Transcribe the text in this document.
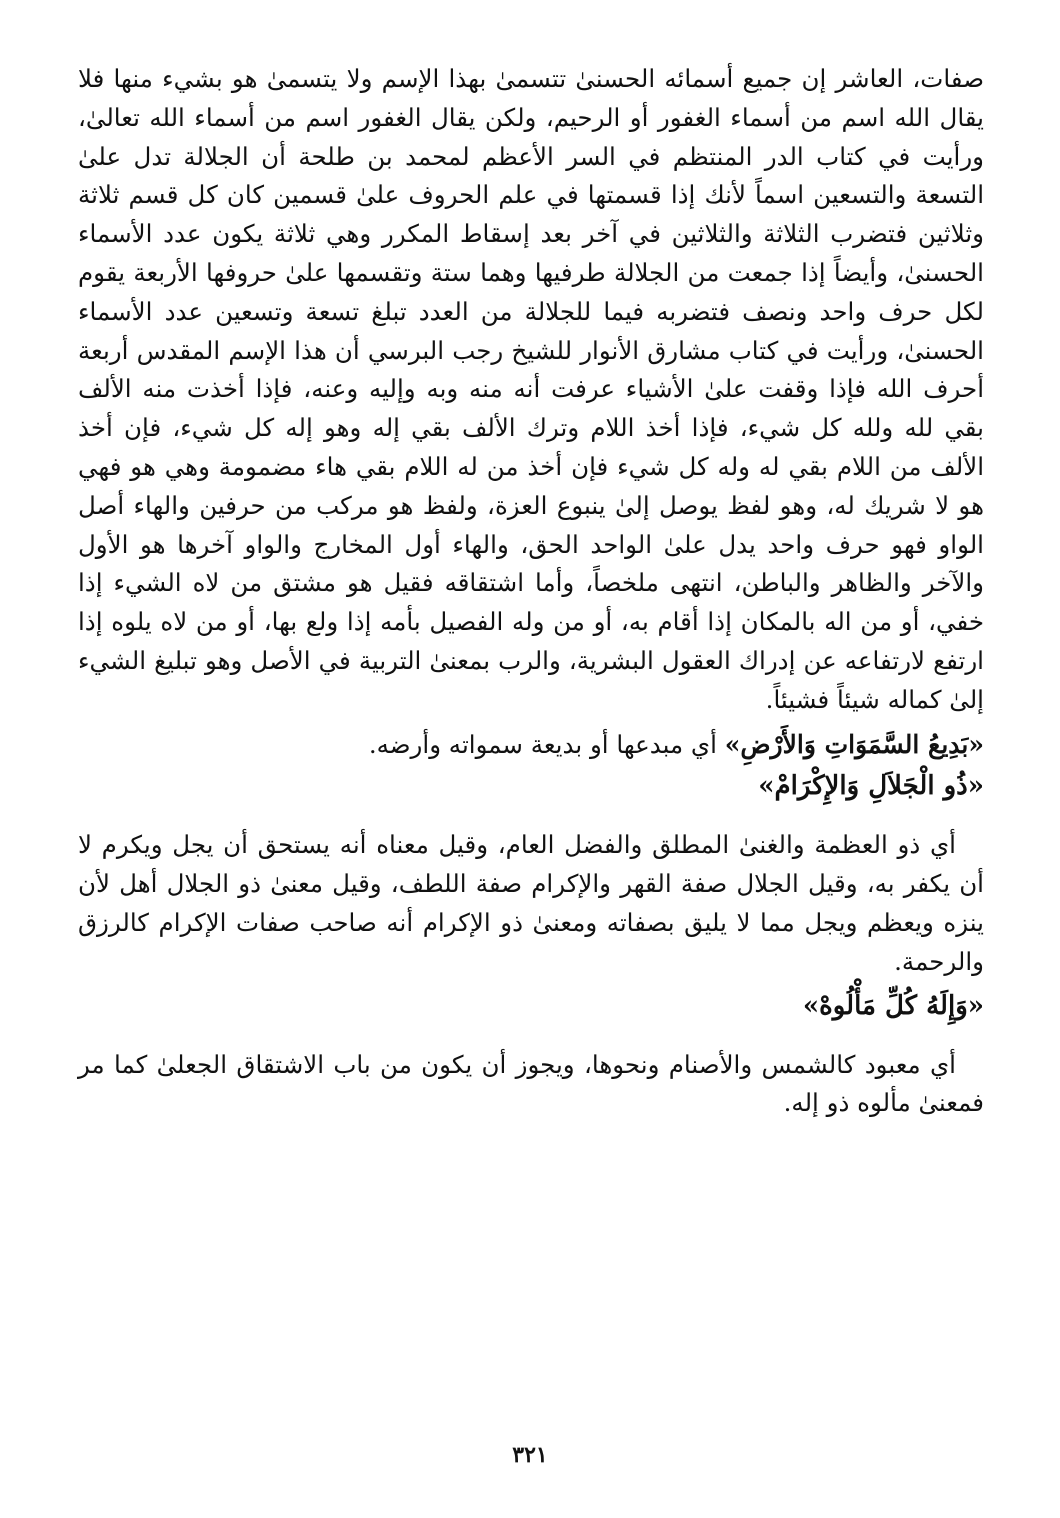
صفات، العاشر إن جميع أسمائه الحسنىٰ تتسمىٰ بهذا الإسم ولا يتسمىٰ هو بشيء منها فلا يقال الله اسم من أسماء الغفور أو الرحيم، ولكن يقال الغفور اسم من أسماء الله تعالىٰ، ورأيت في كتاب الدر المنتظم في السر الأعظم لمحمد بن طلحة أن الجلالة تدل علىٰ التسعة والتسعين اسماً لأنك إذا قسمتها في علم الحروف علىٰ قسمين كان كل قسم ثلاثة وثلاثين فتضرب الثلاثة والثلاثين في آخر بعد إسقاط المكرر وهي ثلاثة يكون عدد الأسماء الحسنىٰ، وأيضاً إذا جمعت من الجلالة طرفيها وهما ستة وتقسمها علىٰ حروفها الأربعة يقوم لكل حرف واحد ونصف فتضربه فيما للجلالة من العدد تبلغ تسعة وتسعين عدد الأسماء الحسنىٰ، ورأيت في كتاب مشارق الأنوار للشيخ رجب البرسي أن هذا الإسم المقدس أربعة أحرف الله فإذا وقفت علىٰ الأشياء عرفت أنه منه وبه وإليه وعنه، فإذا أخذت منه الألف بقي لله ولله كل شيء، فإذا أخذ اللام وترك الألف بقي إله وهو إله كل شيء، فإن أخذ الألف من اللام بقي له وله كل شيء فإن أخذ من له اللام بقي هاء مضمومة وهي هو فهي هو لا شريك له، وهو لفظ يوصل إلىٰ ينبوع العزة، ولفظ هو مركب من حرفين والهاء أصل الواو فهو حرف واحد يدل علىٰ الواحد الحق، والهاء أول المخارج والواو آخرها هو الأول والآخر والظاهر والباطن، انتهى ملخصاً، وأما اشتقاقه فقيل هو مشتق من لاه الشيء إذا خفي، أو من اله بالمكان إذا أقام به، أو من وله الفصيل بأمه إذا ولع بها، أو من لاه يلوه إذا ارتفع لارتفاعه عن إدراك العقول البشرية، والرب بمعنىٰ التربية في الأصل وهو تبليغ الشيء إلىٰ كماله شيئاً فشيئاً.

«بَدِيعُ السَّمَوَاتِ وَالأَرْضِ» أي مبدعها أو بديعة سمواته وأرضه.

«ذُو الْجَلاَلِ وَالإِكْرَامْ»

أي ذو العظمة والغنىٰ المطلق والفضل العام، وقيل معناه أنه يستحق أن يجل ويكرم لا أن يكفر به، وقيل الجلال صفة القهر والإكرام صفة اللطف، وقيل معنىٰ ذو الجلال أهل لأن ينزه ويعظم ويجل مما لا يليق بصفاته ومعنىٰ ذو الإكرام أنه صاحب صفات الإكرام كالرزق والرحمة.

«وَإِلَهُ كُلِّ مَأْلُوهْ»

أي معبود كالشمس والأصنام ونحوها، ويجوز أن يكون من باب الاشتقاق الجعلىٰ كما مر فمعنىٰ مألوه ذو إله.

٣٢١
